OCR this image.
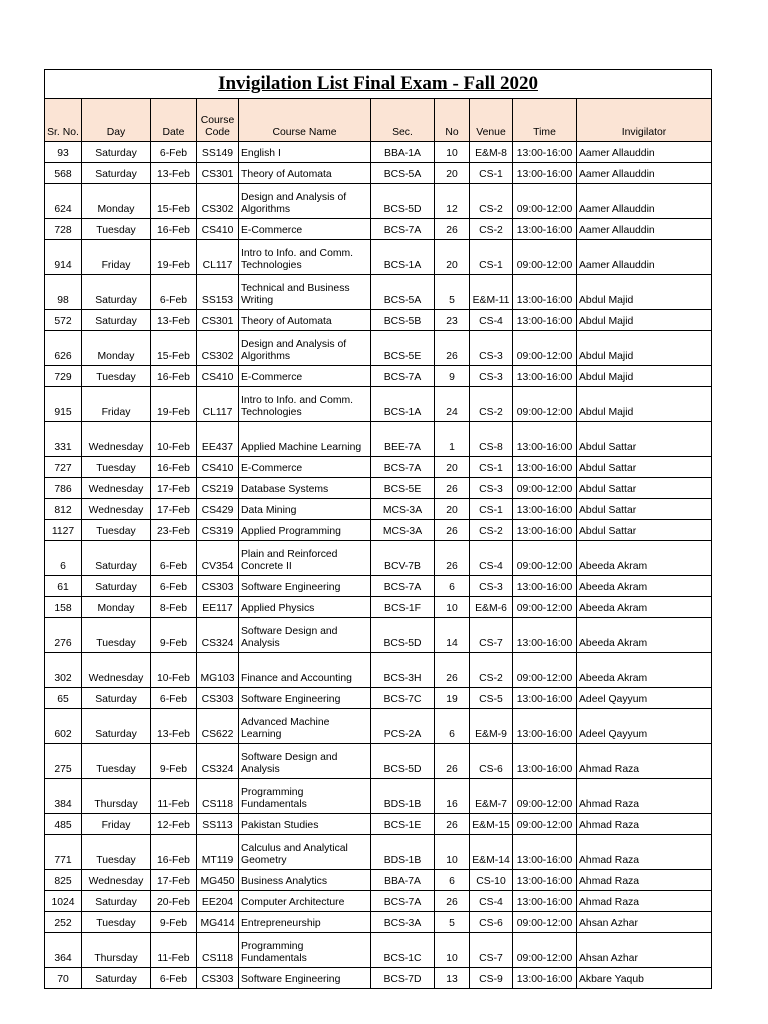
Invigilation List Final Exam - Fall 2020									
Sr. No.	Day	Date	Course Code	Course Name	Sec.	No	Venue	Time	Invigilator
93	Saturday	6-Feb	SS149	English I	BBA-1A	10	E&M-8	13:00-16:00	Aamer Allauddin
568	Saturday	13-Feb	CS301	Theory of Automata	BCS-5A	20	CS-1	13:00-16:00	Aamer Allauddin
624	Monday	15-Feb	CS302	Design and Analysis of Algorithms	BCS-5D	12	CS-2	09:00-12:00	Aamer Allauddin
728	Tuesday	16-Feb	CS410	E-Commerce	BCS-7A	26	CS-2	13:00-16:00	Aamer Allauddin
914	Friday	19-Feb	CL117	Intro to Info. and Comm. Technologies	BCS-1A	20	CS-1	09:00-12:00	Aamer Allauddin
98	Saturday	6-Feb	SS153	Technical and Business Writing	BCS-5A	5	E&M-11	13:00-16:00	Abdul Majid
572	Saturday	13-Feb	CS301	Theory of Automata	BCS-5B	23	CS-4	13:00-16:00	Abdul Majid
626	Monday	15-Feb	CS302	Design and Analysis of Algorithms	BCS-5E	26	CS-3	09:00-12:00	Abdul Majid
729	Tuesday	16-Feb	CS410	E-Commerce	BCS-7A	9	CS-3	13:00-16:00	Abdul Majid
915	Friday	19-Feb	CL117	Intro to Info. and Comm. Technologies	BCS-1A	24	CS-2	09:00-12:00	Abdul Majid
331	Wednesday	10-Feb	EE437	Applied Machine Learning	BEE-7A	1	CS-8	13:00-16:00	Abdul Sattar
727	Tuesday	16-Feb	CS410	E-Commerce	BCS-7A	20	CS-1	13:00-16:00	Abdul Sattar
786	Wednesday	17-Feb	CS219	Database Systems	BCS-5E	26	CS-3	09:00-12:00	Abdul Sattar
812	Wednesday	17-Feb	CS429	Data Mining	MCS-3A	20	CS-1	13:00-16:00	Abdul Sattar
1127	Tuesday	23-Feb	CS319	Applied Programming	MCS-3A	26	CS-2	13:00-16:00	Abdul Sattar
6	Saturday	6-Feb	CV354	Plain and Reinforced Concrete II	BCV-7B	26	CS-4	09:00-12:00	Abeeda Akram
61	Saturday	6-Feb	CS303	Software Engineering	BCS-7A	6	CS-3	13:00-16:00	Abeeda Akram
158	Monday	8-Feb	EE117	Applied Physics	BCS-1F	10	E&M-6	09:00-12:00	Abeeda Akram
276	Tuesday	9-Feb	CS324	Software Design and Analysis	BCS-5D	14	CS-7	13:00-16:00	Abeeda Akram
302	Wednesday	10-Feb	MG103	Finance and Accounting	BCS-3H	26	CS-2	09:00-12:00	Abeeda Akram
65	Saturday	6-Feb	CS303	Software Engineering	BCS-7C	19	CS-5	13:00-16:00	Adeel Qayyum
602	Saturday	13-Feb	CS622	Advanced Machine Learning	PCS-2A	6	E&M-9	13:00-16:00	Adeel Qayyum
275	Tuesday	9-Feb	CS324	Software Design and Analysis	BCS-5D	26	CS-6	13:00-16:00	Ahmad Raza
384	Thursday	11-Feb	CS118	Programming Fundamentals	BDS-1B	16	E&M-7	09:00-12:00	Ahmad Raza
485	Friday	12-Feb	SS113	Pakistan Studies	BCS-1E	26	E&M-15	09:00-12:00	Ahmad Raza
771	Tuesday	16-Feb	MT119	Calculus and Analytical Geometry	BDS-1B	10	E&M-14	13:00-16:00	Ahmad Raza
825	Wednesday	17-Feb	MG450	Business Analytics	BBA-7A	6	CS-10	13:00-16:00	Ahmad Raza
1024	Saturday	20-Feb	EE204	Computer Architecture	BCS-7A	26	CS-4	13:00-16:00	Ahmad Raza
252	Tuesday	9-Feb	MG414	Entrepreneurship	BCS-3A	5	CS-6	09:00-12:00	Ahsan Azhar
364	Thursday	11-Feb	CS118	Programming Fundamentals	BCS-1C	10	CS-7	09:00-12:00	Ahsan Azhar
70	Saturday	6-Feb	CS303	Software Engineering	BCS-7D	13	CS-9	13:00-16:00	Akbare Yaqub
